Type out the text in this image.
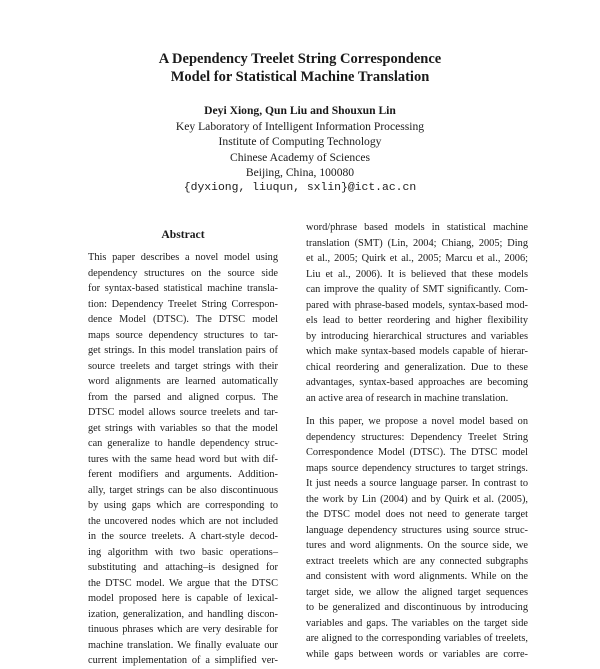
A Dependency Treelet String Correspondence
Model for Statistical Machine Translation
Deyi Xiong, Qun Liu and Shouxun Lin
Key Laboratory of Intelligent Information Processing
Institute of Computing Technology
Chinese Academy of Sciences
Beijing, China, 100080
{dyxiong, liuqun, sxlin}@ict.ac.cn
Abstract
This paper describes a novel model using
dependency structures on the source side
for syntax-based statistical machine transla-
tion: Dependency Treelet String Correspon-
dence Model (DTSC). The DTSC model
maps source dependency structures to tar-
get strings. In this model translation pairs of
source treelets and target strings with their
word alignments are learned automatically
from the parsed and aligned corpus. The
DTSC model allows source treelets and tar-
get strings with variables so that the model
can generalize to handle dependency struc-
tures with the same head word but with dif-
ferent modifiers and arguments. Addition-
ally, target strings can be also discontinuous
by using gaps which are corresponding to
the uncovered nodes which are not included
in the source treelets. A chart-style decod-
ing algorithm with two basic operations–
substituting and attaching–is designed for
the DTSC model. We argue that the DTSC
model proposed here is capable of lexical-
ization, generalization, and handling discon-
tinuous phrases which are very desirable for
machine translation. We finally evaluate our
current implementation of a simplified ver-
word/phrase based models in statistical machine
translation (SMT) (Lin, 2004; Chiang, 2005; Ding
et al., 2005; Quirk et al., 2005; Marcu et al., 2006;
Liu et al., 2006). It is believed that these models
can improve the quality of SMT significantly. Com-
pared with phrase-based models, syntax-based mod-
els lead to better reordering and higher flexibility
by introducing hierarchical structures and variables
which make syntax-based models capable of hierar-
chical reordering and generalization. Due to these
advantages, syntax-based approaches are becoming
an active area of research in machine translation.
In this paper, we propose a novel model based on
dependency structures: Dependency Treelet String
Correspondence Model (DTSC). The DTSC model
maps source dependency structures to target strings.
It just needs a source language parser. In contrast to
the work by Lin (2004) and by Quirk et al. (2005),
the DTSC model does not need to generate target
language dependency structures using source struc-
tures and word alignments. On the source side, we
extract treelets which are any connected subgraphs
and consistent with word alignments. While on the
target side, we allow the aligned target sequences
to be generalized and discontinuous by introducing
variables and gaps. The variables on the target side
are aligned to the corresponding variables of treelets,
while gaps between words or variables are corre-
